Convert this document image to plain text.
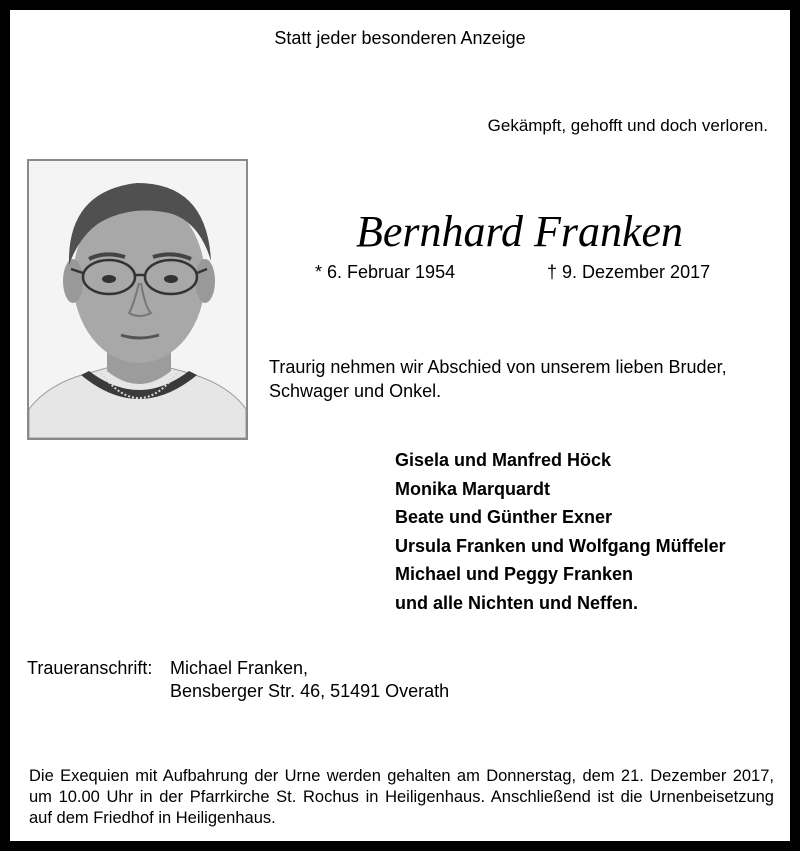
Statt jeder besonderen Anzeige
Gekämpft, gehofft und doch verloren.
Bernhard Franken
* 6. Februar 1954	† 9. Dezember 2017
Traurig nehmen wir Abschied von unserem lieben Bruder,
Schwager und Onkel.
Gisela und Manfred Höck
Monika Marquardt
Beate und Günther Exner
Ursula Franken und Wolfgang Müffeler
Michael und Peggy Franken
und alle Nichten und Neffen.
Traueranschrift: Michael Franken,
Bensberger Str. 46, 51491 Overath
Die Exequien mit Aufbahrung der Urne werden gehalten am Donnerstag, dem 21. Dezember 2017, um 10.00 Uhr in der Pfarrkirche St. Rochus in Heiligenhaus. Anschließend ist die Urnenbeisetzung auf dem Friedhof in Heiligenhaus.
